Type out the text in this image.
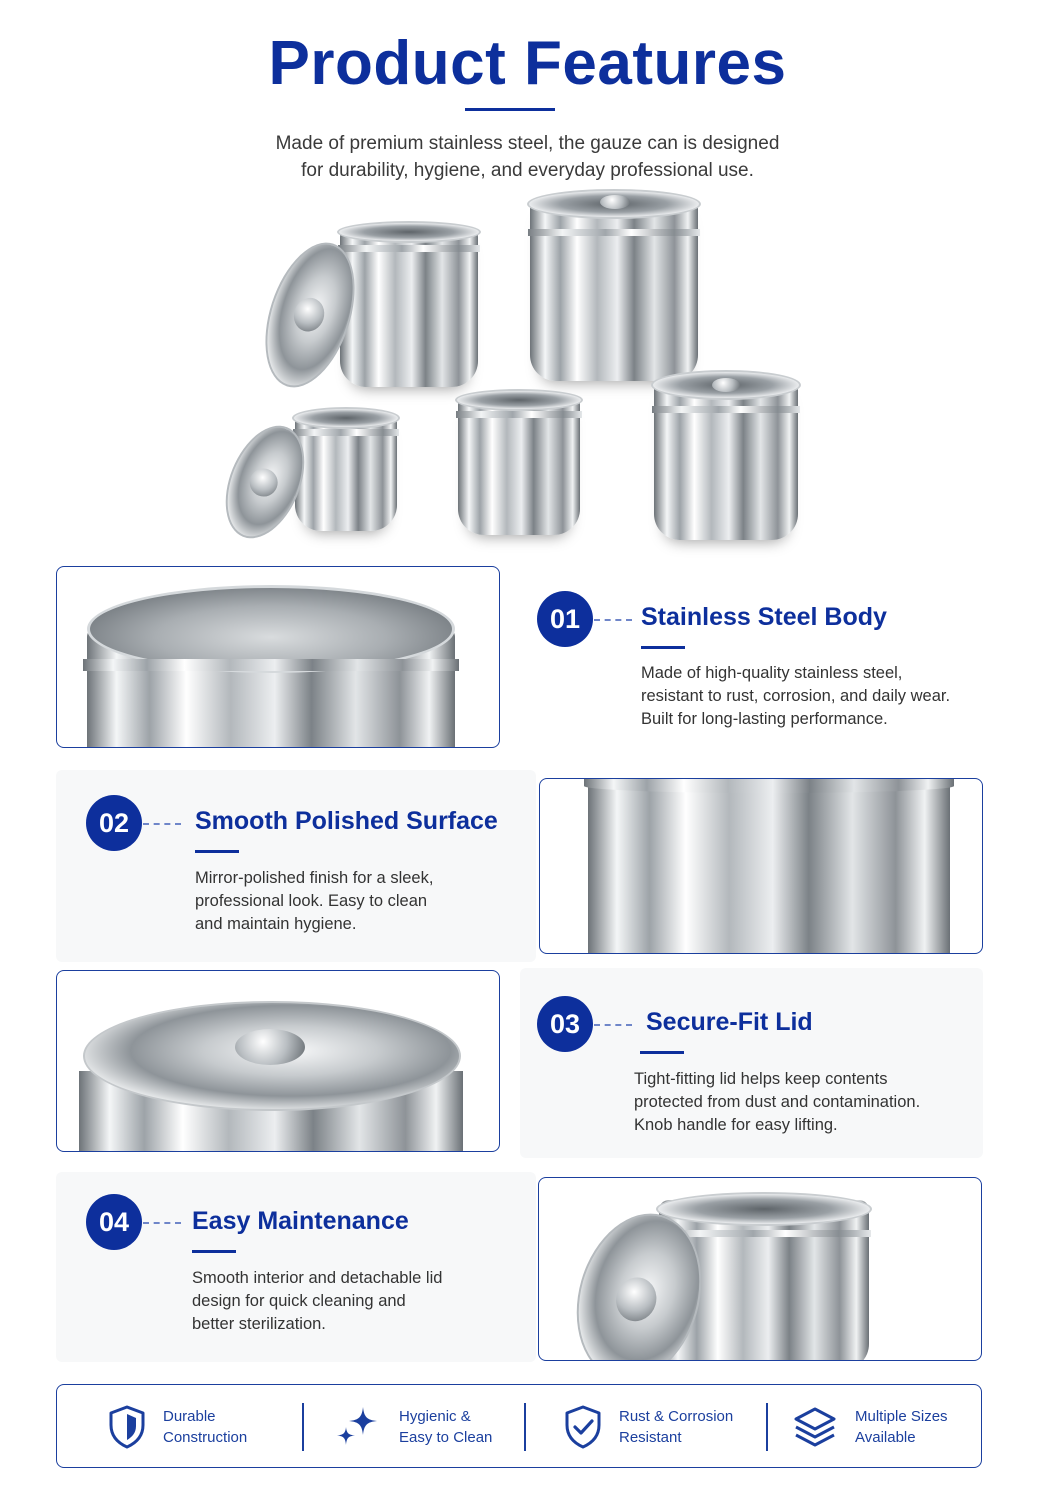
Product Features

Made of premium stainless steel, the gauze can is designed
for durability, hygiene, and everyday professional use.

01	Stainless Steel Body
Made of high-quality stainless steel,
resistant to rust, corrosion, and daily wear.
Built for long-lasting performance.
02	Smooth Polished Surface
Mirror-polished finish for a sleek,
professional look. Easy to clean
and maintain hygiene.
03	Secure-Fit Lid
Tight-fitting lid helps keep contents
protected from dust and contamination.
Knob handle for easy lifting.
04	Easy Maintenance
Smooth interior and detachable lid
design for quick cleaning and
better sterilization.
Durable
Construction
Hygienic &
Easy to Clean
Rust & Corrosion
Resistant
Multiple Sizes
Available
